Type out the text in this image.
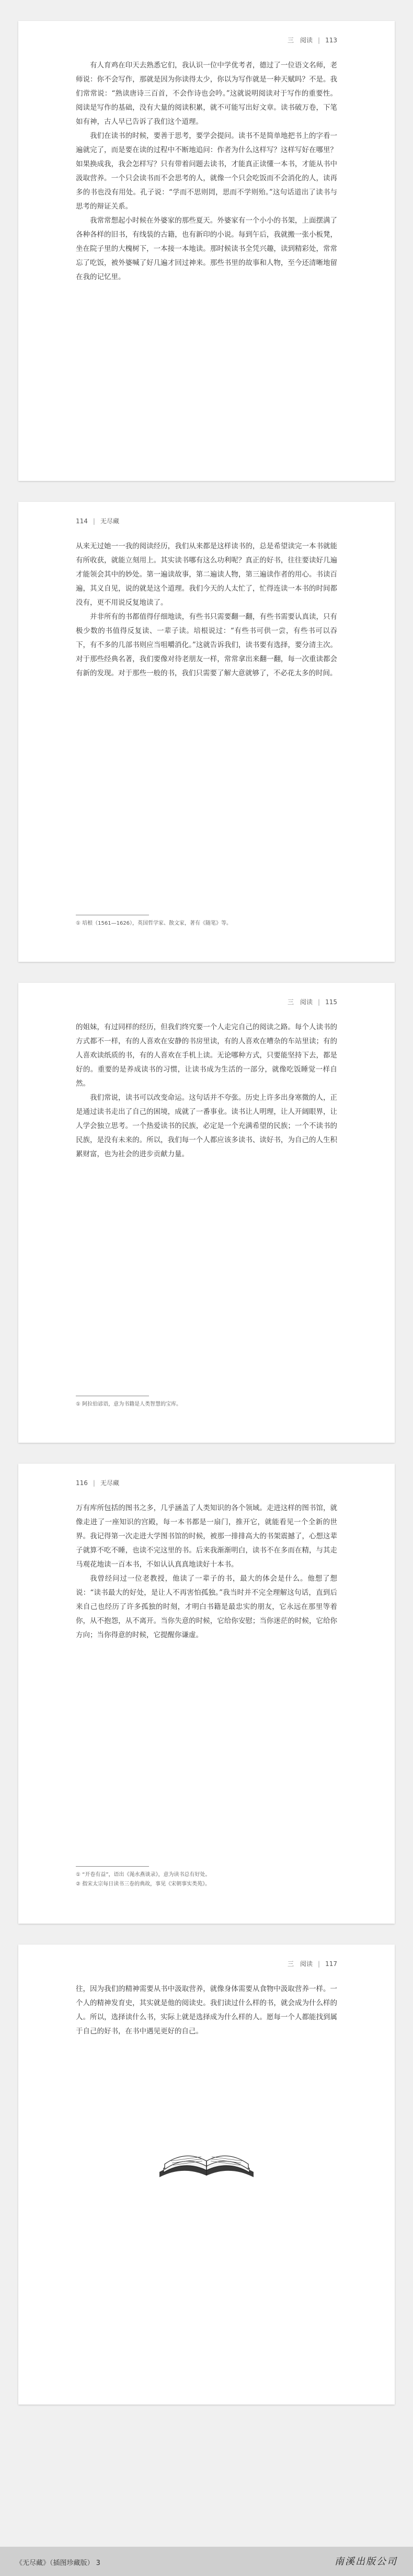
三　阅读 | 113

有人育鸡在印天去熟悉它们，我认识一位中学优考者，德过了一位语文名师，老师说：你不会写作，那就是因为你读得太少，你以为写作就是一种天赋吗？不是。我们常常说：“熟读唐诗三百首，不会作诗也会吟。”这就说明阅读对于写作的重要性。阅读是写作的基础，没有大量的阅读积累，就不可能写出好文章。读书破万卷，下笔如有神，古人早已告诉了我们这个道理。

我们在读书的时候，要善于思考，要学会提问。读书不是简单地把书上的字看一遍就完了，而是要在读的过程中不断地追问：作者为什么这样写？这样写好在哪里？如果换成我，我会怎样写？只有带着问题去读书，才能真正读懂一本书，才能从书中汲取营养。一个只会读书而不会思考的人，就像一个只会吃饭而不会消化的人，读再多的书也没有用处。孔子说：“学而不思则罔，思而不学则殆。”这句话道出了读书与思考的辩证关系。

我常常想起小时候在外婆家的那些夏天。外婆家有一个小小的书架，上面摆满了各种各样的旧书，有线装的古籍，也有新印的小说。每到午后，我就搬一张小板凳，坐在院子里的大槐树下，一本接一本地读。那时候读书全凭兴趣，读到精彩处，常常忘了吃饭，被外婆喊了好几遍才回过神来。那些书里的故事和人物，至今还清晰地留在我的记忆里。

114 | 无尽藏

从来无过她一一我的阅读经历，我们从来都是这样读书的，总是希望读完一本书就能有所收获，就能立刻用上。其实读书哪有这么功利呢？真正的好书，往往要读好几遍才能领会其中的妙处。第一遍读故事，第二遍读人物，第三遍读作者的用心。书读百遍，其义自见，说的就是这个道理。我们今天的人太忙了，忙得连读一本书的时间都没有，更不用说反复地读了。

并非所有的书都值得仔细地读，有些书只需要翻一翻，有些书需要认真读，只有极少数的书值得反复读、一辈子读。培根说过：“有些书可供一尝，有些书可以吞下，有不多的几部书则应当咀嚼消化。”这就告诉我们，读书要有选择，要分清主次。对于那些经典名著，我们要像对待老朋友一样，常常拿出来翻一翻，每一次重读都会有新的发现。对于那些一般的书，我们只需要了解大意就够了，不必花太多的时间。

① 培根（1561—1626），英国哲学家、散文家，著有《随笔》等。

三　阅读 | 115

的姐妹，有过同样的经历，但我们终究要一个人走完自己的阅读之路。每个人读书的方式都不一样，有的人喜欢在安静的书房里读，有的人喜欢在嘈杂的车站里读；有的人喜欢读纸质的书，有的人喜欢在手机上读。无论哪种方式，只要能坚持下去，都是好的。重要的是养成读书的习惯，让读书成为生活的一部分，就像吃饭睡觉一样自然。

我们常说，读书可以改变命运。这句话并不夸张。历史上许多出身寒微的人，正是通过读书走出了自己的困境，成就了一番事业。读书让人明理，让人开阔眼界，让人学会独立思考。一个热爱读书的民族，必定是一个充满希望的民族；一个不读书的民族，是没有未来的。所以，我们每一个人都应该多读书、读好书，为自己的人生积累财富，也为社会的进步贡献力量。

① 阿拉伯谚语，意为书籍是人类智慧的宝库。

116 | 无尽藏

万有库所包括的图书之多，几乎涵盖了人类知识的各个领域。走进这样的图书馆，就像走进了一座知识的宫殿，每一本书都是一扇门，推开它，就能看见一个全新的世界。我记得第一次走进大学图书馆的时候，被那一排排高大的书架震撼了，心想这辈子就算不吃不睡，也读不完这里的书。后来我渐渐明白，读书不在多而在精，与其走马观花地读一百本书，不如认认真真地读好十本书。

我曾经问过一位老教授，他读了一辈子的书，最大的体会是什么。他想了想说：“读书最大的好处，是让人不再害怕孤独。”我当时并不完全理解这句话，直到后来自己也经历了许多孤独的时刻，才明白书籍是最忠实的朋友，它永远在那里等着你，从不抱怨，从不离开。当你失意的时候，它给你安慰；当你迷茫的时候，它给你方向；当你得意的时候，它提醒你谦虚。

① “开卷有益”，语出《渑水燕谈录》，意为读书总有好处。

② 指宋太宗每日读书三卷的典故，事见《宋朝事实类苑》。

三　阅读 | 117

往，因为我们的精神需要从书中汲取营养，就像身体需要从食物中汲取营养一样。一个人的精神发育史，其实就是他的阅读史。我们读过什么样的书，就会成为什么样的人。所以，选择读什么书，实际上就是选择成为什么样的人。愿每一个人都能找到属于自己的好书，在书中遇见更好的自己。

《无尽藏》（插图珍藏版） 3	南溪出版公司
